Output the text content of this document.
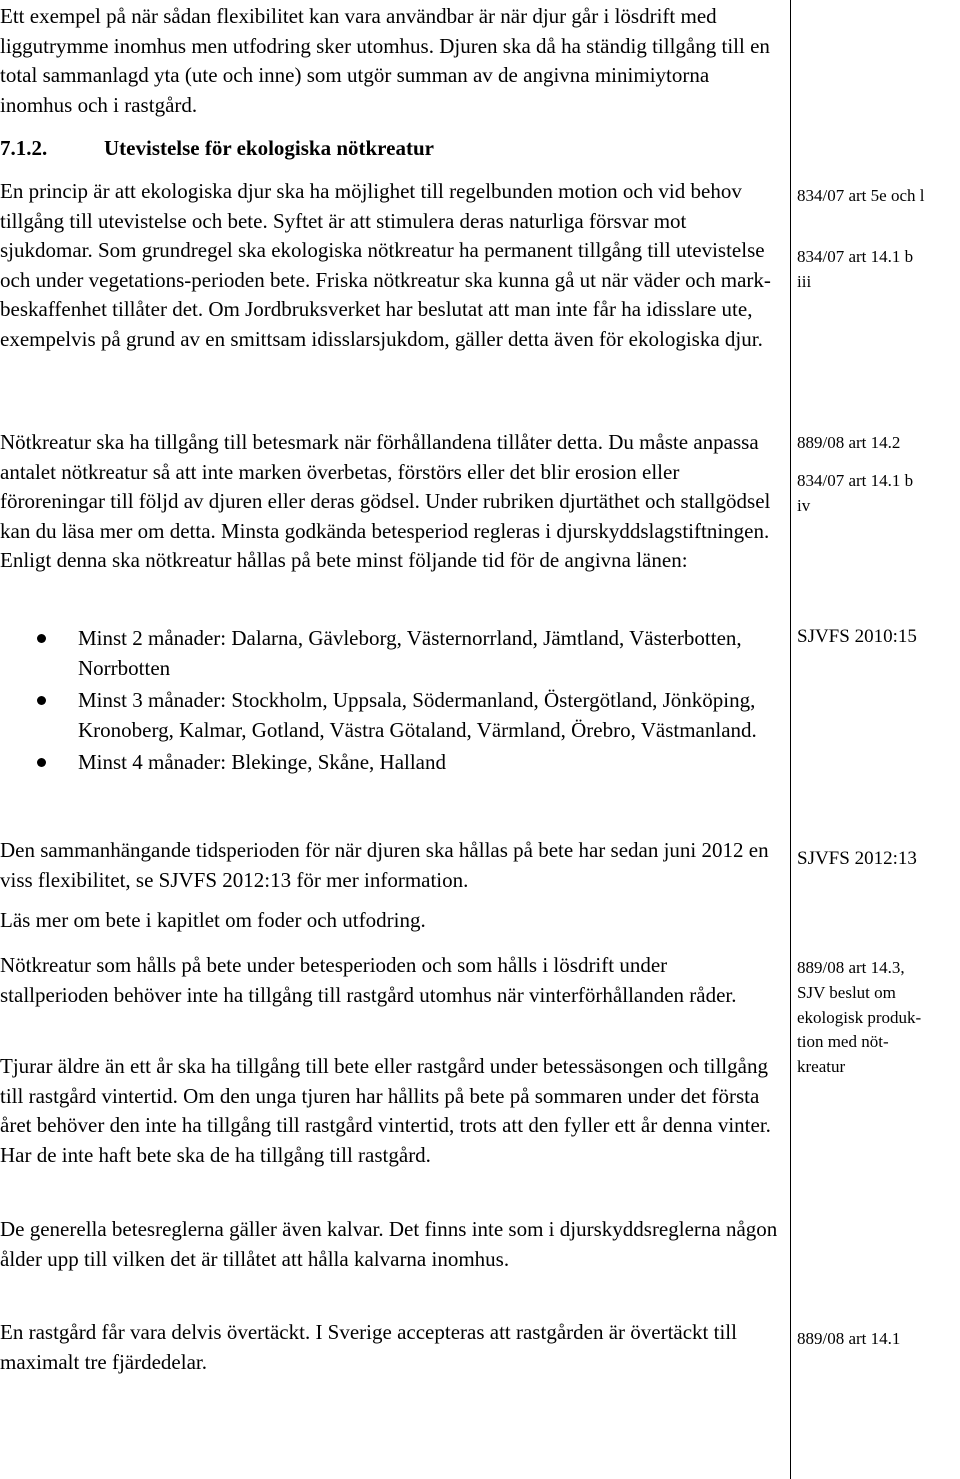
Ett exempel på när sådan flexibilitet kan vara användbar är när djur går i lösdrift med liggutrymme inomhus men utfodring sker utomhus. Djuren ska då ha ständig tillgång till en total sammanlagd yta (ute och inne) som utgör summan av de angivna minimiytorna inomhus och i rastgård.

7.1.2.	Utevistelse för ekologiska nötkreatur

En princip är att ekologiska djur ska ha möjlighet till regelbunden motion och vid behov tillgång till utevistelse och bete. Syftet är att stimulera deras naturliga försvar mot sjukdomar. Som grundregel ska ekologiska nötkreatur ha permanent tillgång till utevistelse och under vegetations-perioden bete. Friska nötkreatur ska kunna gå ut när väder och mark-beskaffenhet tillåter det. Om Jordbruksverket har beslutat att man inte får ha idisslare ute, exempelvis på grund av en smittsam idisslarsjukdom, gäller detta även för ekologiska djur.

Nötkreatur ska ha tillgång till betesmark när förhållandena tillåter detta. Du måste anpassa antalet nötkreatur så att inte marken överbetas, förstörs eller det blir erosion eller föroreningar till följd av djuren eller deras gödsel. Under rubriken djurtäthet och stallgödsel kan du läsa mer om detta. Minsta godkända betesperiod regleras i djurskyddslagstiftningen. Enligt denna ska nötkreatur hållas på bete minst följande tid för de angivna länen:

Minst 2 månader: Dalarna, Gävleborg, Västernorrland, Jämtland, Västerbotten, Norrbotten
Minst 3 månader: Stockholm, Uppsala, Södermanland, Östergötland, Jönköping, Kronoberg, Kalmar, Gotland, Västra Götaland, Värmland, Örebro, Västmanland.
Minst 4 månader: Blekinge, Skåne, Halland

Den sammanhängande tidsperioden för när djuren ska hållas på bete har sedan juni 2012 en viss flexibilitet, se SJVFS 2012:13 för mer information.

Läs mer om bete i kapitlet om foder och utfodring.

Nötkreatur som hålls på bete under betesperioden och som hålls i lösdrift under stallperioden behöver inte ha tillgång till rastgård utomhus när vinterförhållanden råder.

Tjurar äldre än ett år ska ha tillgång till bete eller rastgård under betessäsongen och tillgång till rastgård vintertid. Om den unga tjuren har hållits på bete på sommaren under det första året behöver den inte ha tillgång till rastgård vintertid, trots att den fyller ett år denna vinter. Har de inte haft bete ska de ha tillgång till rastgård.

De generella betesreglerna gäller även kalvar. Det finns inte som i djurskyddsreglerna någon ålder upp till vilken det är tillåtet att hålla kalvarna inomhus.

En rastgård får vara delvis övertäckt. I Sverige accepteras att rastgården är övertäckt till maximalt tre fjärdedelar.

834/07 art 5e och l
834/07 art 14.1 b
iii
889/08 art 14.2
834/07 art 14.1 b
iv
SJVFS 2010:15
SJVFS 2012:13
889/08 art 14.3,
SJV beslut om
ekologisk produk-
tion med nöt-
kreatur
889/08 art 14.1
